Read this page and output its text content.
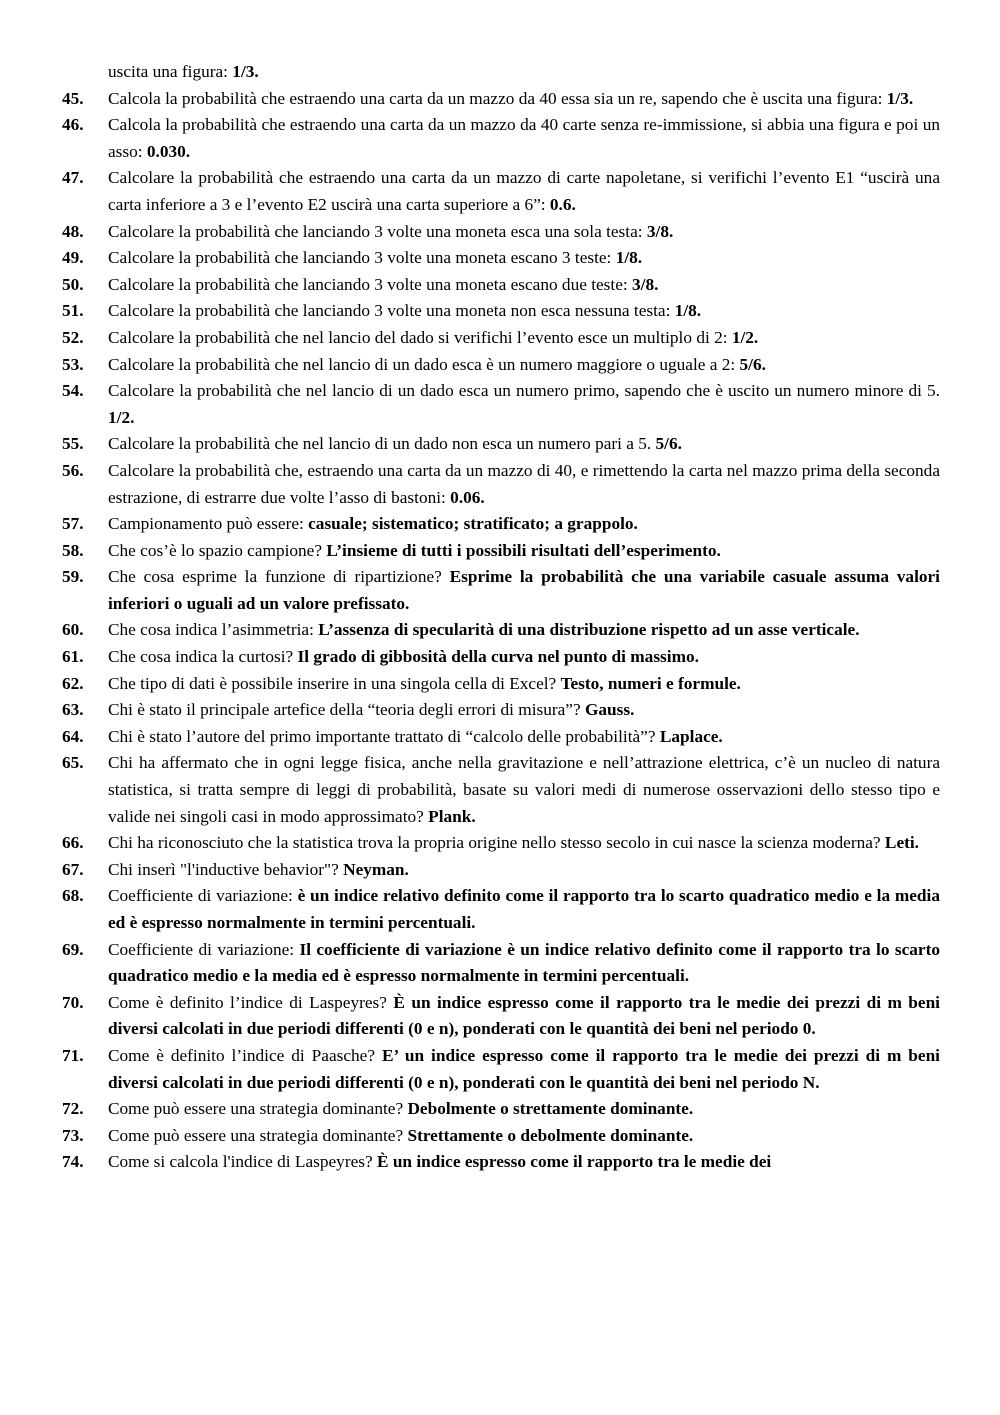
uscita una figura: 1/3.
45. Calcola la probabilità che estraendo una carta da un mazzo da 40 essa sia un re, sapendo che è uscita una figura: 1/3.
46. Calcola la probabilità che estraendo una carta da un mazzo da 40 carte senza re-immissione, si abbia una figura e poi un asso: 0.030.
47. Calcolare la probabilità che estraendo una carta da un mazzo di carte napoletane, si verifichi l’evento E1 “uscirà una carta inferiore a 3 e l’evento E2 uscirà una carta superiore a 6”: 0.6.
48. Calcolare la probabilità che lanciando 3 volte una moneta esca una sola testa: 3/8.
49. Calcolare la probabilità che lanciando 3 volte una moneta escano 3 teste: 1/8.
50. Calcolare la probabilità che lanciando 3 volte una moneta escano due teste: 3/8.
51. Calcolare la probabilità che lanciando 3 volte una moneta non esca nessuna testa: 1/8.
52. Calcolare la probabilità che nel lancio del dado si verifichi l’evento esce un multiplo di 2: 1/2.
53. Calcolare la probabilità che nel lancio di un dado esca è un numero maggiore o uguale a 2: 5/6.
54. Calcolare la probabilità che nel lancio di un dado esca un numero primo, sapendo che è uscito un numero minore di 5. 1/2.
55. Calcolare la probabilità che nel lancio di un dado non esca un numero pari a 5. 5/6.
56. Calcolare la probabilità che, estraendo una carta da un mazzo di 40, e rimettendo la carta nel mazzo prima della seconda estrazione, di estrarre due volte l’asso di bastoni: 0.06.
57. Campionamento può essere: casuale; sistematico; stratificato; a grappolo.
58. Che cos’è lo spazio campione? L’insieme di tutti i possibili risultati dell’esperimento.
59. Che cosa esprime la funzione di ripartizione? Esprime la probabilità che una variabile casuale assuma valori inferiori o uguali ad un valore prefissato.
60. Che cosa indica l’asimmetria: L’assenza di specularità di una distribuzione rispetto ad un asse verticale.
61. Che cosa indica la curtosi? Il grado di gibbosità della curva nel punto di massimo.
62. Che tipo di dati è possibile inserire in una singola cella di Excel? Testo, numeri e formule.
63. Chi è stato il principale artefice della “teoria degli errori di misura”? Gauss.
64. Chi è stato l’autore del primo importante trattato di “calcolo delle probabilità”? Laplace.
65. Chi ha affermato che in ogni legge fisica, anche nella gravitazione e nell’attrazione elettrica, c’è un nucleo di natura statistica, si tratta sempre di leggi di probabilità, basate su valori medi di numerose osservazioni dello stesso tipo e valide nei singoli casi in modo approssimato? Plank.
66. Chi ha riconosciuto che la statistica trova la propria origine nello stesso secolo in cui nasce la scienza moderna? Leti.
67. Chi inserì "l'inductive behavior"? Neyman.
68. Coefficiente di variazione: è un indice relativo definito come il rapporto tra lo scarto quadratico medio e la media ed è espresso normalmente in termini percentuali.
69. Coefficiente di variazione: Il coefficiente di variazione è un indice relativo definito come il rapporto tra lo scarto quadratico medio e la media ed è espresso normalmente in termini percentuali.
70. Come è definito l’indice di Laspeyres? È un indice espresso come il rapporto tra le medie dei prezzi di m beni diversi calcolati in due periodi differenti (0 e n), ponderati con le quantità dei beni nel periodo 0.
71. Come è definito l’indice di Paasche? E’ un indice espresso come il rapporto tra le medie dei prezzi di m beni diversi calcolati in due periodi differenti (0 e n), ponderati con le quantità dei beni nel periodo N.
72. Come può essere una strategia dominante? Debolmente o strettamente dominante.
73. Come può essere una strategia dominante? Strettamente o debolmente dominante.
74. Come si calcola l'indice di Laspeyres? È un indice espresso come il rapporto tra le medie dei
